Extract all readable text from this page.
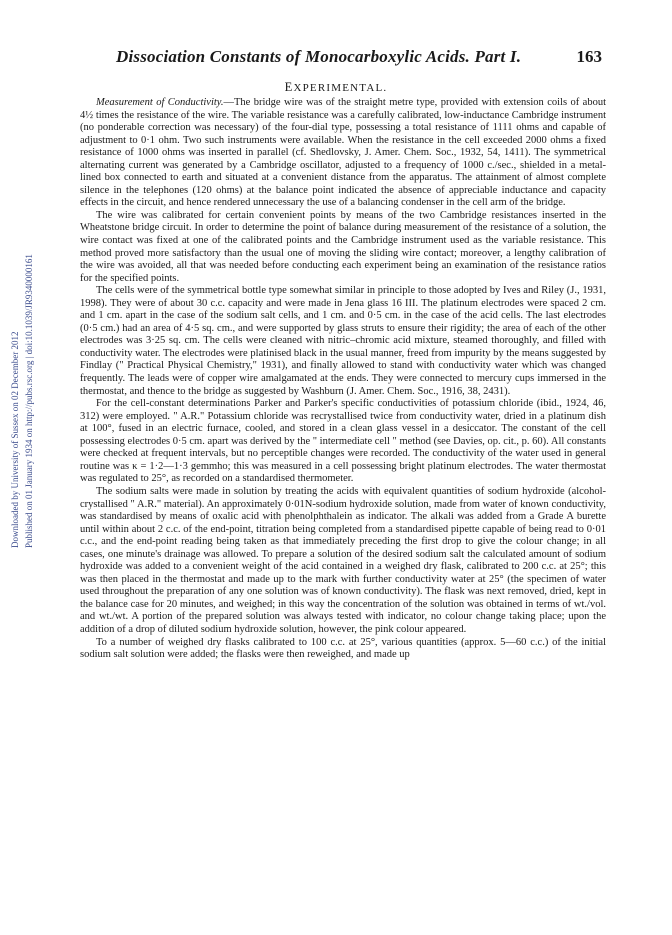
Dissociation Constants of Monocarboxylic Acids. Part I.	163
EXPERIMENTAL.
Downloaded by University of Sussex on 02 December 2012 Published on 01 January 1934 on http://pubs.rsc.org | doi:10.1039/JR9340000161

Measurement of Conductivity.—The bridge wire was of the straight metre type, provided with extension coils of about 4½ times the resistance of the wire. The variable resistance was a carefully calibrated, low-inductance Cambridge instrument (no ponderable correction was necessary) of the four-dial type, possessing a total resistance of 1111 ohms and capable of adjustment to 0·1 ohm. Two such instruments were available. When the resistance in the cell exceeded 2000 ohms a fixed resistance of 1000 ohms was inserted in parallel (cf. Shedlovsky, J. Amer. Chem. Soc., 1932, 54, 1411). The symmetrical alternating current was generated by a Cambridge oscillator, adjusted to a frequency of 1000 c./sec., shielded in a metal-lined box connected to earth and situated at a convenient distance from the apparatus. The attainment of almost complete silence in the telephones (120 ohms) at the balance point indicated the absence of appreciable inductance and capacity effects in the circuit, and hence rendered unnecessary the use of a balancing condenser in the cell arm of the bridge.

The wire was calibrated for certain convenient points by means of the two Cambridge resistances inserted in the Wheatstone bridge circuit. In order to determine the point of balance during measurement of the resistance of a solution, the wire contact was fixed at one of the calibrated points and the Cambridge instrument used as the variable resistance. This method proved more satisfactory than the usual one of moving the sliding wire contact; moreover, a lengthy calibration of the wire was avoided, all that was needed before conducting each experiment being an examination of the resistance ratios for the specified points.

The cells were of the symmetrical bottle type somewhat similar in principle to those adopted by Ives and Riley (J., 1931, 1998). They were of about 30 c.c. capacity and were made in Jena glass 16 III. The platinum electrodes were spaced 2 cm. and 1 cm. apart in the case of the sodium salt cells, and 1 cm. and 0·5 cm. in the case of the acid cells. The last electrodes (0·5 cm.) had an area of 4·5 sq. cm., and were supported by glass struts to ensure their rigidity; the area of each of the other electrodes was 3·25 sq. cm. The cells were cleaned with nitric–chromic acid mixture, steamed thoroughly, and filled with conductivity water. The electrodes were platinised black in the usual manner, freed from impurity by the means suggested by Findlay (" Practical Physical Chemistry," 1931), and finally allowed to stand with conductivity water which was changed frequently. The leads were of copper wire amalgamated at the ends. They were connected to mercury cups immersed in the thermostat, and thence to the bridge as suggested by Washburn (J. Amer. Chem. Soc., 1916, 38, 2431).

For the cell-constant determinations Parker and Parker's specific conductivities of potassium chloride (ibid., 1924, 46, 312) were employed. " A.R." Potassium chloride was recrystallised twice from conductivity water, dried in a platinum dish at 100°, fused in an electric furnace, cooled, and stored in a clean glass vessel in a desiccator. The constant of the cell possessing electrodes 0·5 cm. apart was derived by the " intermediate cell " method (see Davies, op. cit., p. 60). All constants were checked at frequent intervals, but no perceptible changes were recorded. The conductivity of the water used in general routine was κ = 1·2—1·3 gemmho; this was measured in a cell possessing bright platinum electrodes. The water thermostat was regulated to 25°, as recorded on a standardised thermometer.

The sodium salts were made in solution by treating the acids with equivalent quantities of sodium hydroxide (alcohol-crystallised " A.R." material). An approximately 0·01N-sodium hydroxide solution, made from water of known conductivity, was standardised by means of oxalic acid with phenolphthalein as indicator. The alkali was added from a Grade A burette until within about 2 c.c. of the end-point, titration being completed from a standardised pipette capable of being read to 0·01 c.c., and the end-point reading being taken as that immediately preceding the first drop to give the colour change; in all cases, one minute's drainage was allowed. To prepare a solution of the desired sodium salt the calculated amount of sodium hydroxide was added to a convenient weight of the acid contained in a weighed dry flask, calibrated to 200 c.c. at 25°; this was then placed in the thermostat and made up to the mark with further conductivity water at 25° (the specimen of water used throughout the preparation of any one solution was of known conductivity). The flask was next removed, dried, kept in the balance case for 20 minutes, and weighed; in this way the concentration of the solution was obtained in terms of wt./vol. and wt./wt. A portion of the prepared solution was always tested with indicator, no colour change taking place; upon the addition of a drop of diluted sodium hydroxide solution, however, the pink colour appeared.

To a number of weighed dry flasks calibrated to 100 c.c. at 25°, various quantities (approx. 5—60 c.c.) of the initial sodium salt solution were added; the flasks were then reweighed, and made up
